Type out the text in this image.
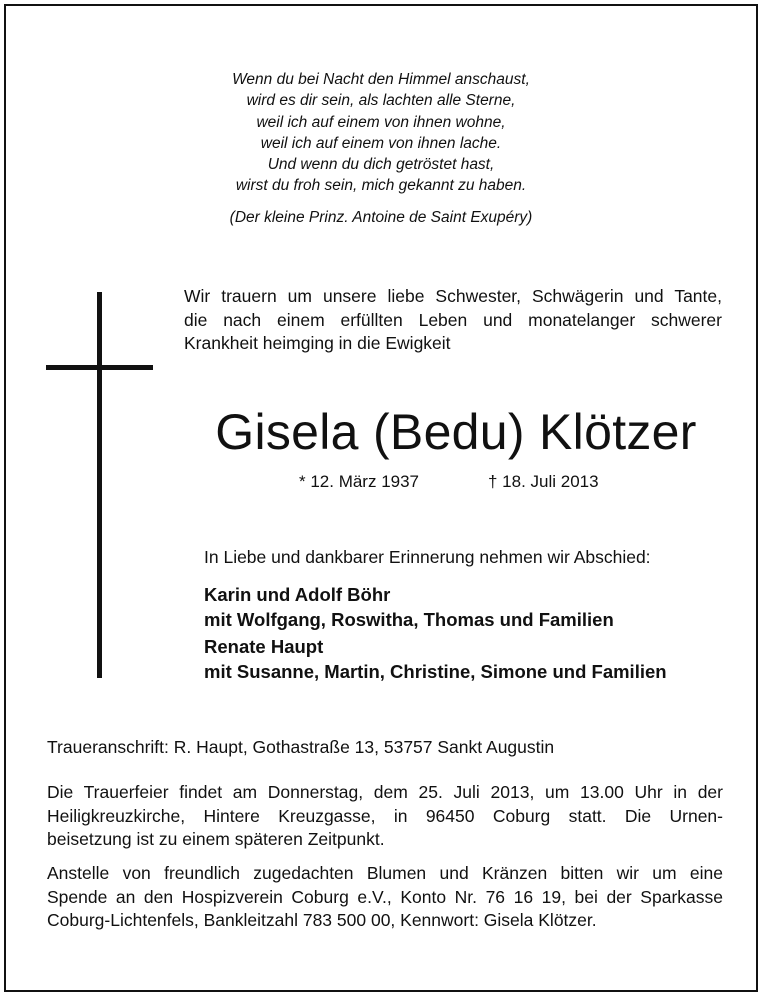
Wenn du bei Nacht den Himmel anschaust,
wird es dir sein, als lachten alle Sterne,
weil ich auf einem von ihnen wohne,
weil ich auf einem von ihnen lache.
Und wenn du dich getröstet hast,
wirst du froh sein, mich gekannt zu haben.
(Der kleine Prinz. Antoine de Saint Exupéry)
Wir trauern um unsere liebe Schwester, Schwägerin und Tante,
die nach einem erfüllten Leben und monatelanger schwerer
Krankheit heimging in die Ewigkeit
Gisela (Bedu) Klötzer
* 12. März 1937	† 18. Juli 2013
In Liebe und dankbarer Erinnerung nehmen wir Abschied:
Karin und Adolf Böhr
mit Wolfgang, Roswitha, Thomas und Familien
Renate Haupt
mit Susanne, Martin, Christine, Simone und Familien
Traueranschrift: R. Haupt, Gothastraße 13, 53757 Sankt Augustin
Die Trauerfeier findet am Donnerstag, dem 25. Juli 2013, um 13.00 Uhr in der
Heiligkreuzkirche, Hintere Kreuzgasse, in 96450 Coburg statt. Die Urnen-
beisetzung ist zu einem späteren Zeitpunkt.
Anstelle von freundlich zugedachten Blumen und Kränzen bitten wir um eine
Spende an den Hospizverein Coburg e.V., Konto Nr. 76 16 19, bei der Sparkasse
Coburg-Lichtenfels, Bankleitzahl 783 500 00, Kennwort: Gisela Klötzer.
